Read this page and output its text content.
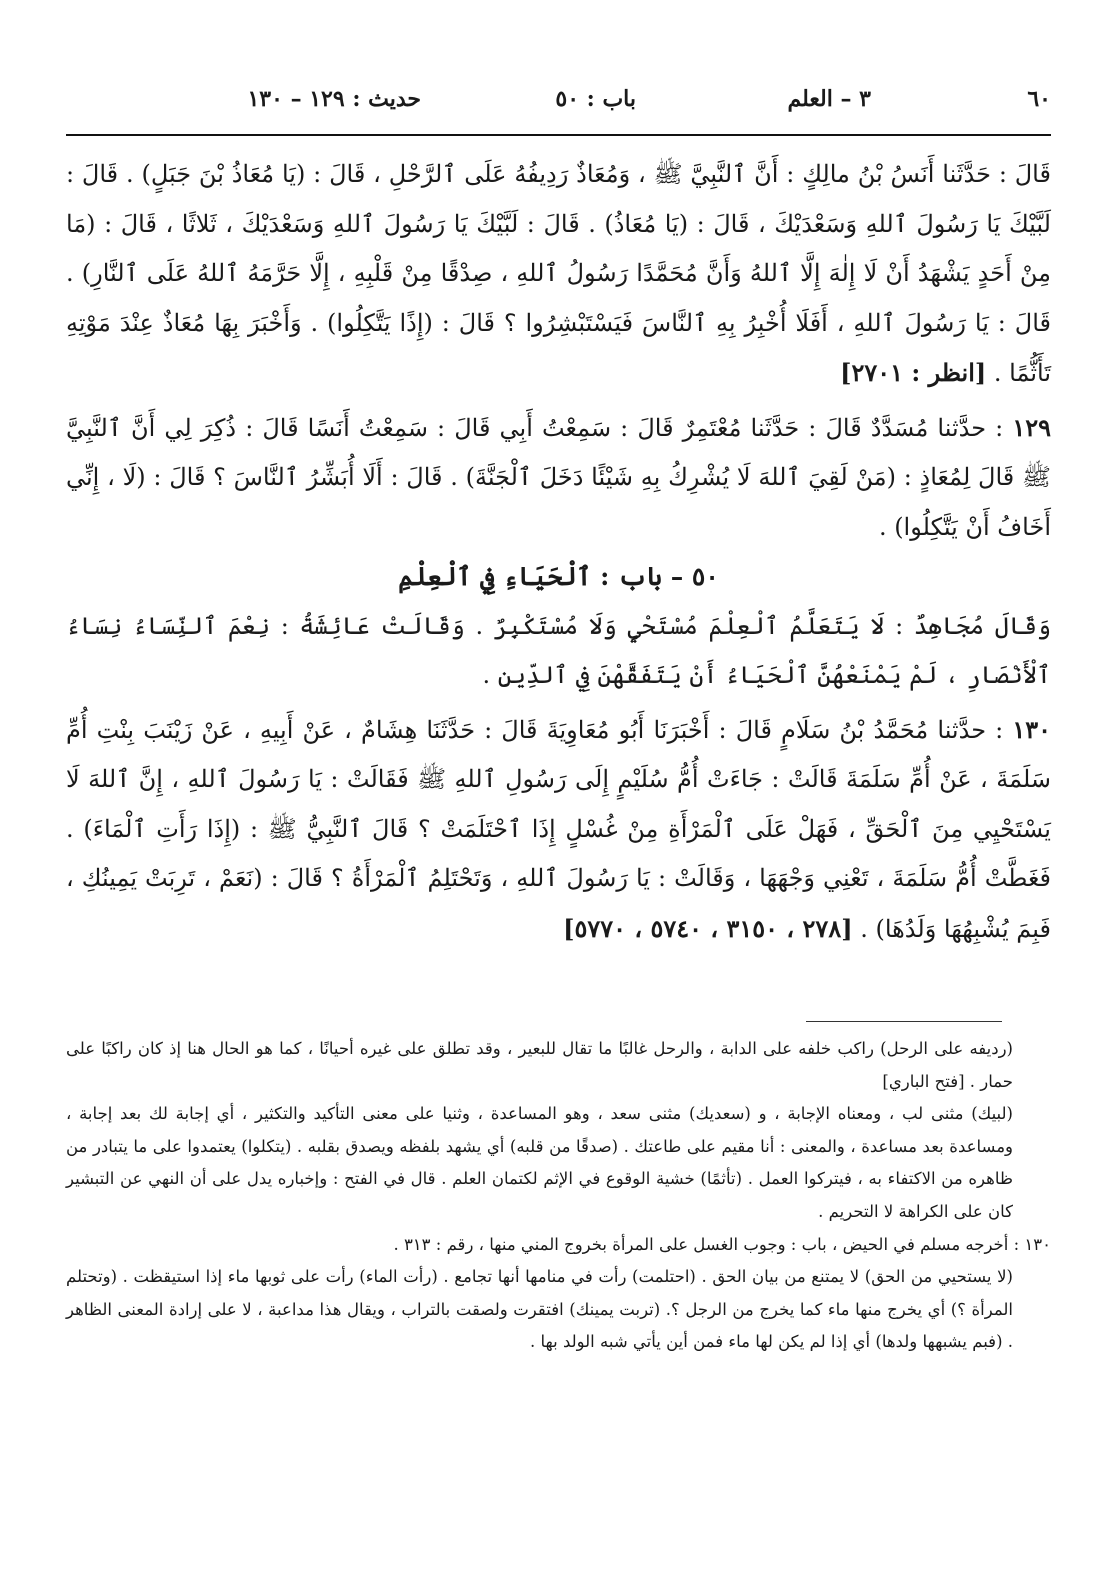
٦٠
٣ – العلم
باب : ٥٠
حديث : ١٢٩ – ١٣٠

قَالَ : حَدَّثَنا أَنَسُ بْنُ مالِكٍ : أَنَّ ٱلنَّبِيَّ ﷺ ، وَمُعَاذٌ رَدِيفُهُ عَلَى ٱلرَّحْلِ ، قَالَ : (يَا مُعَاذُ بْنَ جَبَلٍ) . قَالَ : لَبَّيْكَ يَا رَسُولَ ٱللهِ وَسَعْدَيْكَ ، قَالَ : (يَا مُعَاذُ) . قَالَ : لَبَّيْكَ يَا رَسُولَ ٱللهِ وَسَعْدَيْكَ ، ثَلاثًا ، قَالَ : (مَا مِنْ أَحَدٍ يَشْهَدُ أَنْ لَا إِلٰهَ إِلَّا ٱللهُ وَأَنَّ مُحَمَّدًا رَسُولُ ٱللهِ ، صِدْقًا مِنْ قَلْبِهِ ، إِلَّا حَرَّمَهُ ٱللهُ عَلَى ٱلنَّارِ) . قَالَ : يَا رَسُولَ ٱللهِ ، أَفَلَا أُخْبِرُ بِهِ ٱلنَّاسَ فَيَسْتَبْشِرُوا ؟ قَالَ : (إِذًا يَتَّكِلُوا) . وَأَخْبَرَ بِهَا مُعَاذٌ عِنْدَ مَوْتِهِ تَأَثُّمًا . [انظر : ٢٧٠١]

١٢٩ : حدَّثنا مُسَدَّدٌ قَالَ : حَدَّثَنا مُعْتَمِرٌ قَالَ : سَمِعْتُ أَبِي قَالَ : سَمِعْتُ أَنَسًا قَالَ : ذُكِرَ لِي أَنَّ ٱلنَّبِيَّ ﷺ قَالَ لِمُعَاذٍ : (مَنْ لَقِيَ ٱللهَ لَا يُشْرِكُ بِهِ شَيْئًا دَخَلَ ٱلْجَنَّةَ) . قَالَ : أَلَا أُبَشِّرُ ٱلنَّاسَ ؟ قَالَ : (لَا ، إِنِّي أَخَافُ أَنْ يَتَّكِلُوا) .

٥٠ – باب : ٱلْحَيَاءِ فِي ٱلْعِلْمِ

وَقَالَ مُجَاهِدٌ : لَا يَتَعَلَّمُ ٱلْعِلْمَ مُسْتَحْيٍ وَلَا مُسْتَكْبِرٌ . وَقَالَتْ عَائِشَةُ : نِعْمَ ٱلنِّسَاءُ نِسَاءُ ٱلْأَنْصَارِ ، لَمْ يَمْنَعْهُنَّ ٱلْحَيَاءُ أَنْ يَتَفَقَّهْنَ فِي ٱلدِّينِ .

١٣٠ : حدَّثنا مُحَمَّدُ بْنُ سَلَامٍ قَالَ : أَخْبَرَنَا أَبُو مُعَاوِيَةَ قَالَ : حَدَّثَنَا هِشَامٌ ، عَنْ أَبِيهِ ، عَنْ زَيْنَبَ بِنْتِ أُمِّ سَلَمَةَ ، عَنْ أُمِّ سَلَمَةَ قَالَتْ : جَاءَتْ أُمُّ سُلَيْمٍ إِلَى رَسُولِ ٱللهِ ﷺ فَقَالَتْ : يَا رَسُولَ ٱللهِ ، إِنَّ ٱللهَ لَا يَسْتَحْيِي مِنَ ٱلْحَقِّ ، فَهَلْ عَلَى ٱلْمَرْأَةِ مِنْ غُسْلٍ إِذَا ٱحْتَلَمَتْ ؟ قَالَ ٱلنَّبِيُّ ﷺ : (إِذَا رَأَتِ ٱلْمَاءَ) . فَغَطَّتْ أُمُّ سَلَمَةَ ، تَعْنِي وَجْهَهَا ، وَقَالَتْ : يَا رَسُولَ ٱللهِ ، وَتَحْتَلِمُ ٱلْمَرْأَةُ ؟ قَالَ : (نَعَمْ ، تَرِبَتْ يَمِينُكِ ، فَبِمَ يُشْبِهُهَا وَلَدُهَا) . [٢٧٨ ، ٣١٥٠ ، ٥٧٤٠ ، ٥٧٧٠]

(رديفه على الرحل) راكب خلفه على الدابة ، والرحل غالبًا ما تقال للبعير ، وقد تطلق على غيره أحيانًا ، كما هو الحال هنا إذ كان راكبًا على حمار . [فتح الباري]

(لبيك) مثنى لب ، ومعناه الإجابة ، و (سعديك) مثنى سعد ، وهو المساعدة ، وثنيا على معنى التأكيد والتكثير ، أي إجابة لك بعد إجابة ، ومساعدة بعد مساعدة ، والمعنى : أنا مقيم على طاعتك . (صدقًا من قلبه) أي يشهد بلفظه ويصدق بقلبه . (يتكلوا) يعتمدوا على ما يتبادر من ظاهره من الاكتفاء به ، فيتركوا العمل . (تأثمًا) خشية الوقوع في الإثم لكتمان العلم . قال في الفتح : وإخباره يدل على أن النهي عن التبشير كان على الكراهة لا التحريم .

١٣٠ : أخرجه مسلم في الحيض ، باب : وجوب الغسل على المرأة بخروج المني منها ، رقم : ٣١٣ .

(لا يستحيي من الحق) لا يمتنع من بيان الحق . (احتلمت) رأت في منامها أنها تجامع . (رأت الماء) رأت على ثوبها ماء إذا استيقظت . (وتحتلم المرأة ؟) أي يخرج منها ماء كما يخرج من الرجل ؟. (تربت يمينك) افتقرت ولصقت بالتراب ، ويقال هذا مداعبة ، لا على إرادة المعنى الظاهر . (فبم يشبهها ولدها) أي إذا لم يكن لها ماء فمن أين يأتي شبه الولد بها .
